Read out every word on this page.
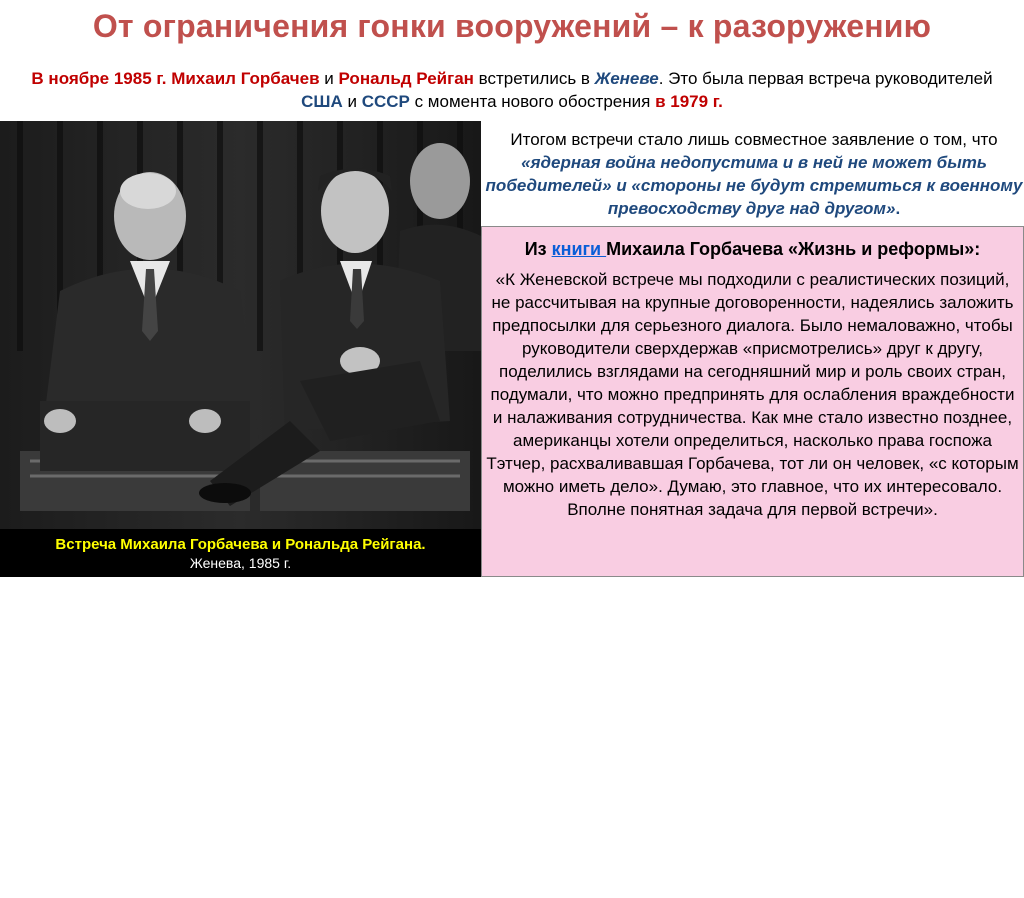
От ограничения гонки вооружений – к разоружению
В ноябре 1985 г. Михаил Горбачев и Рональд Рейган встретились в Женеве. Это была первая встреча руководителей США и СССР с момента нового обострения в 1979 г.
Встреча Михаила Горбачева и Рональда Рейгана.
Женева, 1985 г.
Итогом встречи стало лишь совместное заявление о том, что «ядерная война недопустима и в ней не может быть победителей» и «стороны не будут стремиться к военному превосходству друг над другом».
Из книги Михаила Горбачева «Жизнь и реформы»:
«К Женевской встрече мы подходили с реалистических позиций, не рассчитывая на крупные договоренности, надеялись заложить предпосылки для серьезного диалога. Было немаловажно, чтобы руководители сверхдержав «присмотрелись» друг к другу, поделились взглядами на сегодняшний мир и роль своих стран, подумали, что можно предпринять для ослабления враждебности и налаживания сотрудничества. Как мне стало известно позднее, американцы хотели определиться, насколько права госпожа Тэтчер, расхваливавшая Горбачева, тот ли он человек, «с которым можно иметь дело». Думаю, это главное, что их интересовало. Вполне понятная задача для первой встречи».
